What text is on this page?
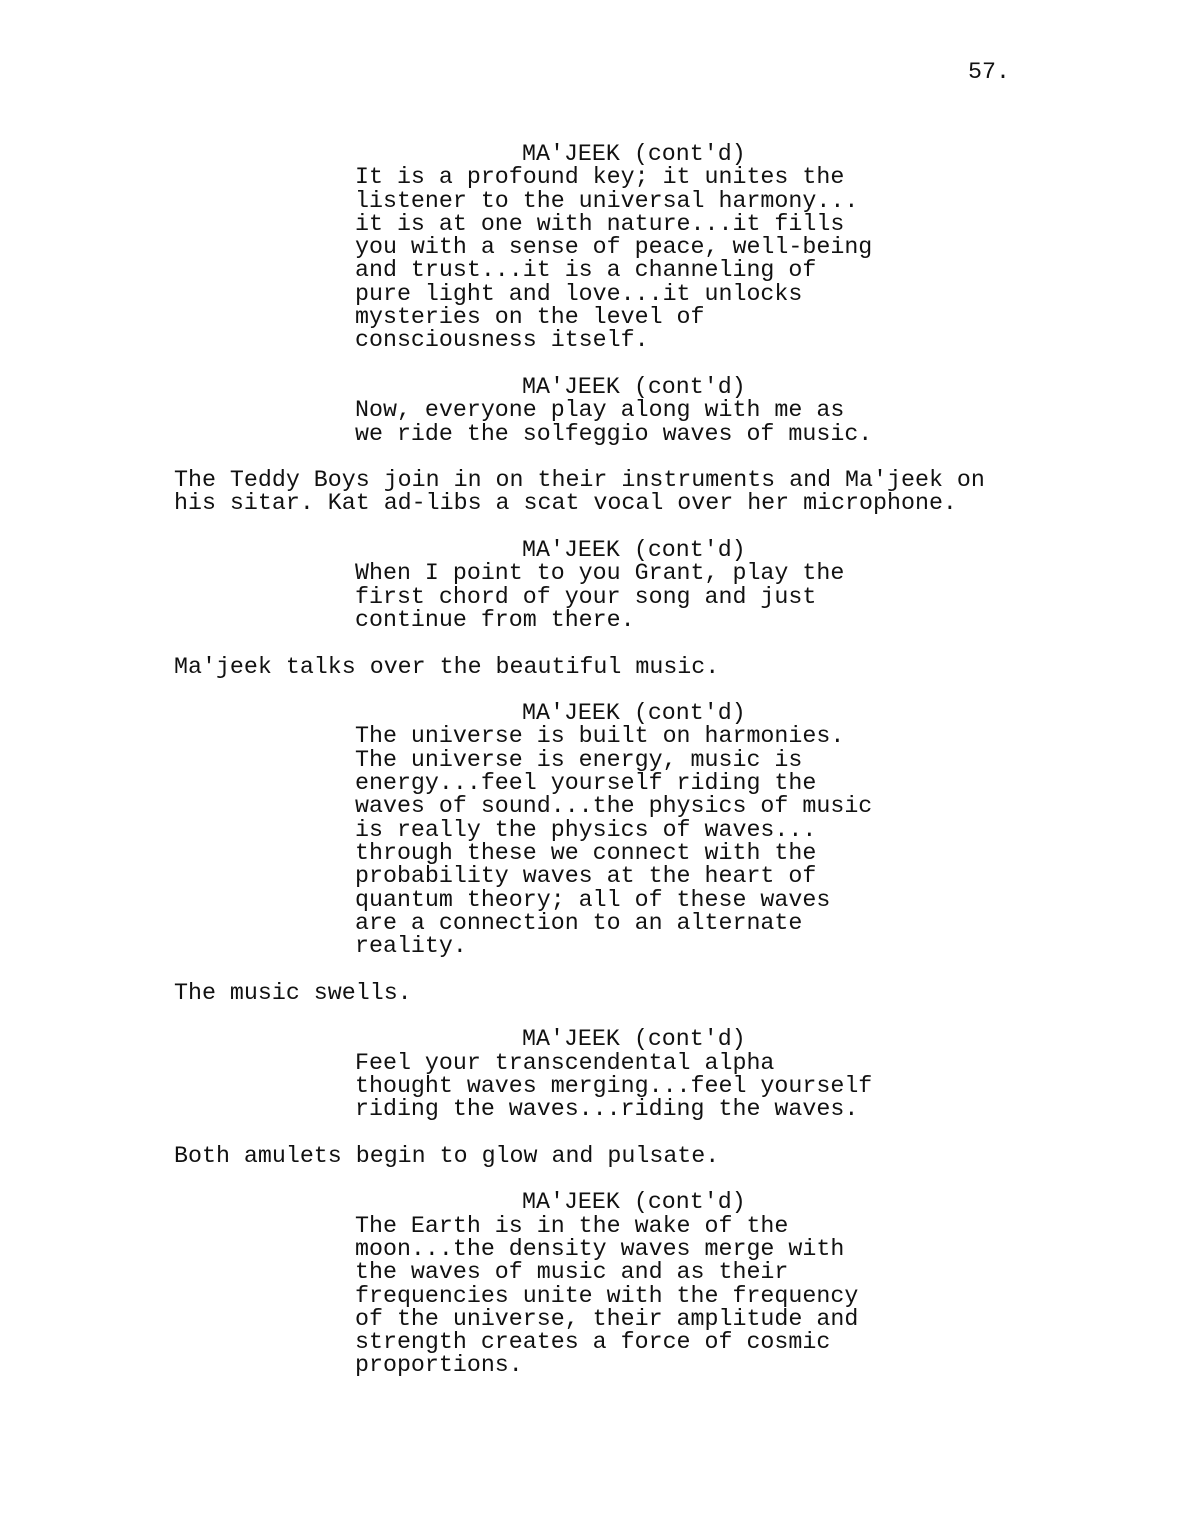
57.
MA'JEEK (cont'd)
It is a profound key; it unites the
listener to the universal harmony...
it is at one with nature...it fills
you with a sense of peace, well-being
and trust...it is a channeling of
pure light and love...it unlocks
mysteries on the level of
consciousness itself.
MA'JEEK (cont'd)
Now, everyone play along with me as
we ride the solfeggio waves of music.
The Teddy Boys join in on their instruments and Ma'jeek on
his sitar. Kat ad-libs a scat vocal over her microphone.
MA'JEEK (cont'd)
When I point to you Grant, play the
first chord of your song and just
continue from there.
Ma'jeek talks over the beautiful music.
MA'JEEK (cont'd)
The universe is built on harmonies.
The universe is energy, music is
energy...feel yourself riding the
waves of sound...the physics of music
is really the physics of waves...
through these we connect with the
probability waves at the heart of
quantum theory; all of these waves
are a connection to an alternate
reality.
The music swells.
MA'JEEK (cont'd)
Feel your transcendental alpha
thought waves merging...feel yourself
riding the waves...riding the waves.
Both amulets begin to glow and pulsate.
MA'JEEK (cont'd)
The Earth is in the wake of the
moon...the density waves merge with
the waves of music and as their
frequencies unite with the frequency
of the universe, their amplitude and
strength creates a force of cosmic
proportions.
